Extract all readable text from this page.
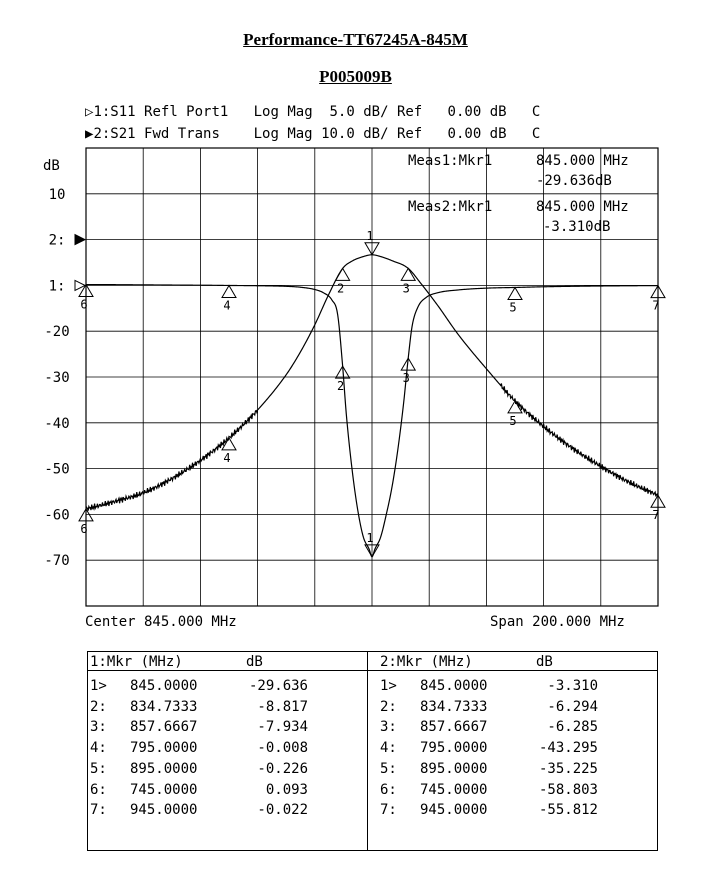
Performance-TT67245A-845M
P005009B
▷1:S11 Refl Port1 Log Mag 5.0 dB/ Ref 0.00 dB C
▶2:S21 Fwd Trans Log Mag 10.0 dB/ Ref 0.00 dB C
dB
10
2:
1:
-20
-30
-40
-50
-60
-70
1
2
3
4	5
6	7
1
2	3
4
5
6
7
Meas1:Mkr1	845.000 MHz
-29.636dB
Meas2:Mkr1	845.000 MHz
-3.310dB
Center 845.000 MHz	Span 200.000 MHz
1:Mkr (MHz)	dB	2:Mkr (MHz)	dB
1> 845.0000	-29.636	1> 845.0000	-3.310
2: 834.7333	-8.817	2: 834.7333	-6.294
3: 857.6667	-7.934	3: 857.6667	-6.285
4: 795.0000	-0.008	4: 795.0000	-43.295
5: 895.0000	-0.226	5: 895.0000	-35.225
6: 745.0000	0.093	6: 745.0000	-58.803
7: 945.0000	-0.022	7: 945.0000	-55.812
